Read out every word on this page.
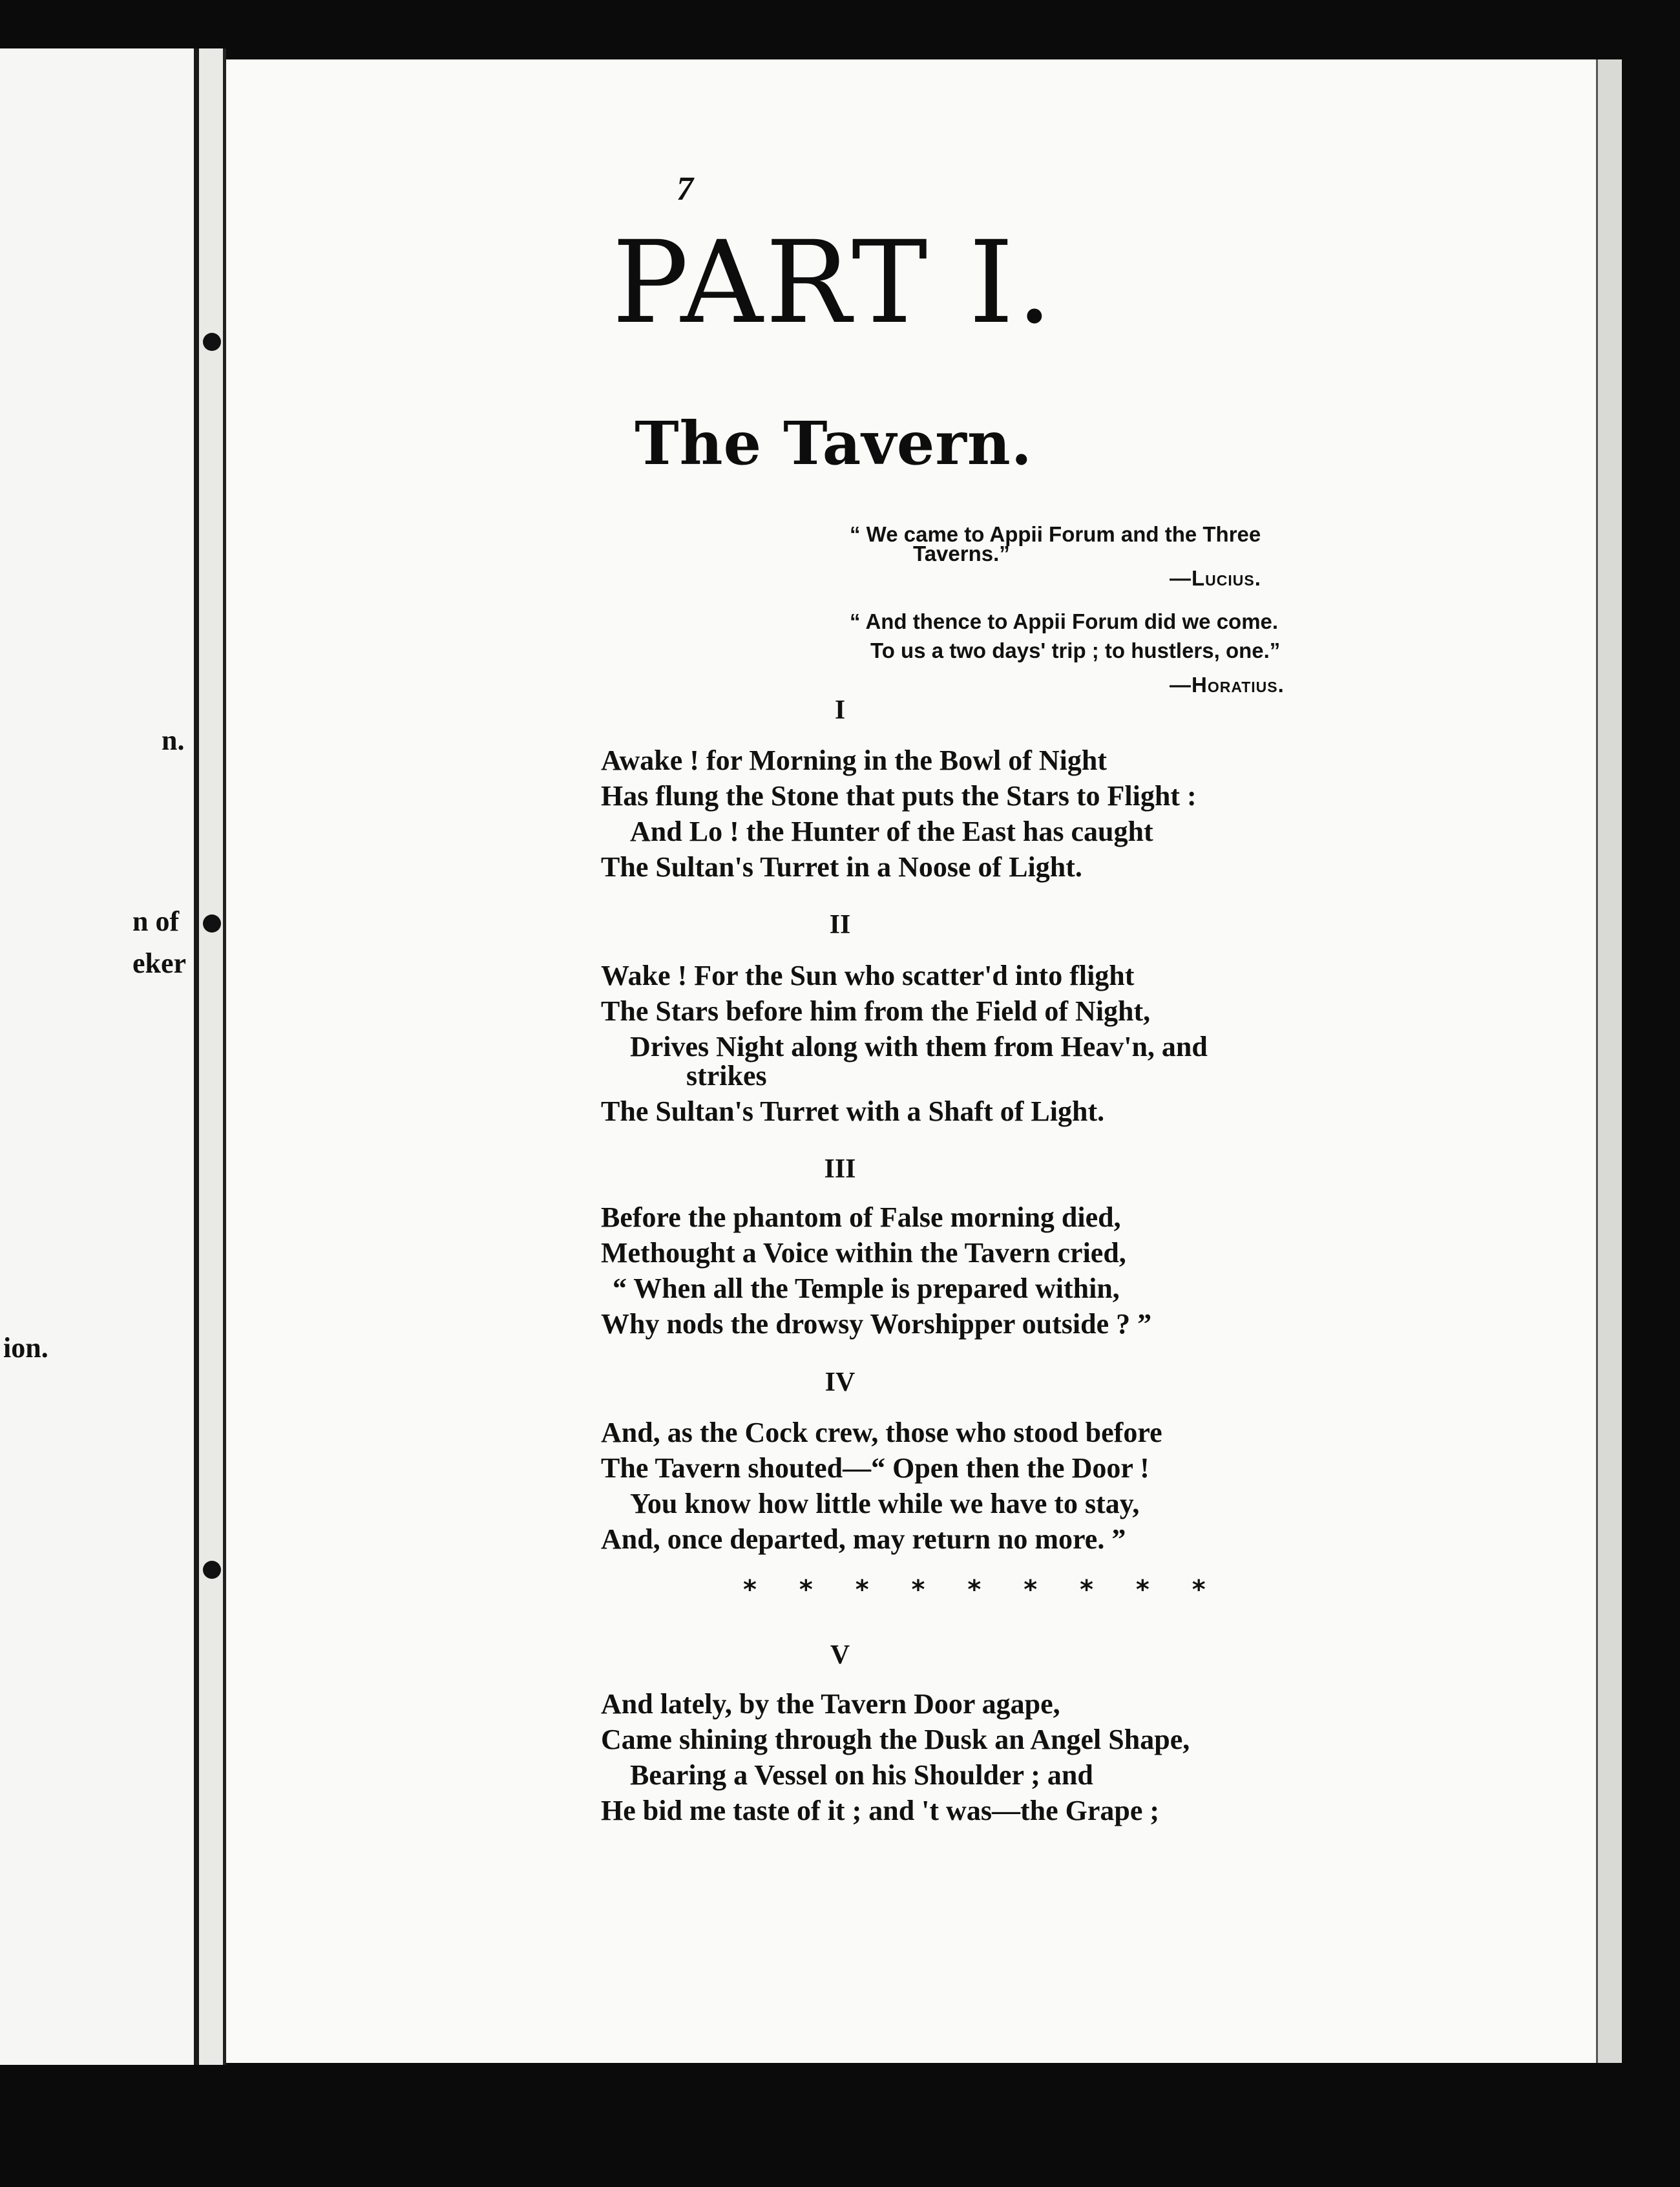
n.
n of
eker
ion.
7
PART I.
The Tavern.
“ We came to Appii Forum and the Three
Taverns.”
—Lucius.
“ And thence to Appii Forum did we come.
To us a two days' trip ; to hustlers, one.”
—Horatius.
I
Awake ! for Morning in the Bowl of Night
Has flung the Stone that puts the Stars to Flight :
And Lo ! the Hunter of the East has caught
The Sultan's Turret in a Noose of Light.
II
Wake ! For the Sun who scatter'd into flight
The Stars before him from the Field of Night,
Drives Night along with them from Heav'n, and
strikes
The Sultan's Turret with a Shaft of Light.
III
Before the phantom of False morning died,
Methought a Voice within the Tavern cried,
“ When all the Temple is prepared within,
Why nods the drowsy Worshipper outside ? ”
IV
And, as the Cock crew, those who stood before
The Tavern shouted—“ Open then the Door !
You know how little while we have to stay,
And, once departed, may return no more. ”
* * * * * * * * *
V
And lately, by the Tavern Door agape,
Came shining through the Dusk an Angel Shape,
Bearing a Vessel on his Shoulder ; and
He bid me taste of it ; and 't was—the Grape ;
